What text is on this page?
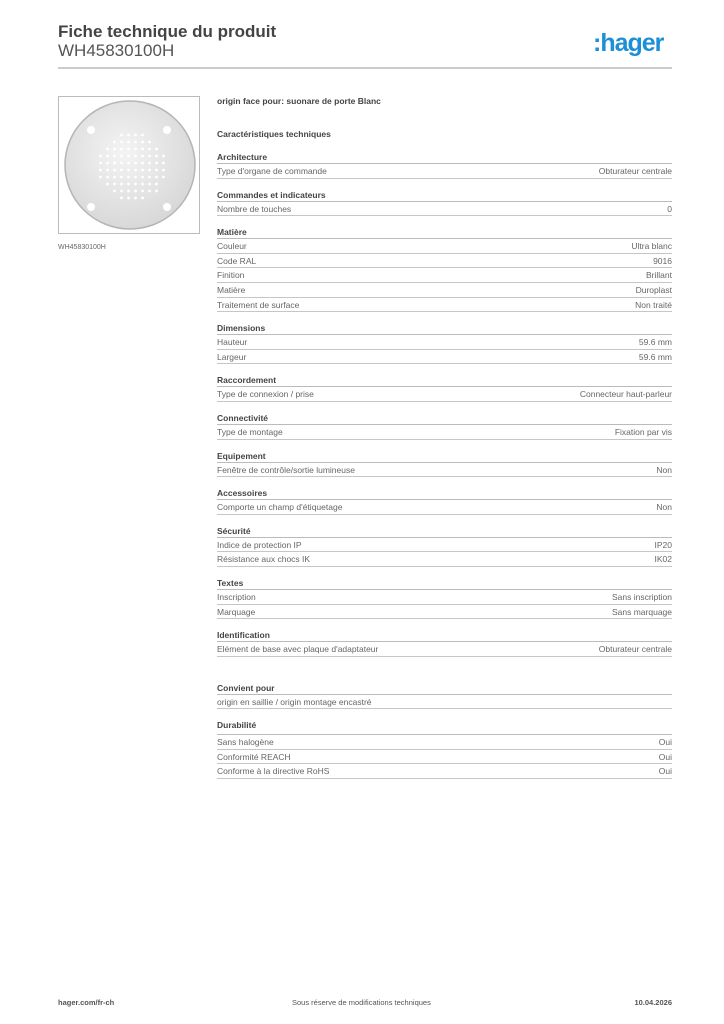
Fiche technique du produit
WH45830100H	:hager
WH45830100H
origin face pour: suonare de porte Blanc
Caractéristiques techniques
Architecture
Type d'organe de commande	Obturateur centrale
Commandes et indicateurs
Nombre de touches	0
Matière
Couleur	Ultra blanc
Code RAL	9016
Finition	Brillant
Matière	Duroplast
Traitement de surface	Non traité
Dimensions
Hauteur	59.6 mm
Largeur	59.6 mm
Raccordement
Type de connexion / prise	Connecteur haut-parleur
Connectivité
Type de montage	Fixation par vis
Equipement
Fenêtre de contrôle/sortie lumineuse	Non
Accessoires
Comporte un champ d'étiquetage	Non
Sécurité
Indice de protection IP	IP20
Résistance aux chocs IK	IK02
Textes
Inscription	Sans inscription
Marquage	Sans marquage
Identification
Elément de base avec plaque d'adaptateur	Obturateur centrale
Convient pour
origin en saillie / origin montage encastré
Durabilité
Sans halogène	Oui
Conformité REACH	Oui
Conforme à la directive RoHS	Oui
hager.com/fr-ch	Sous réserve de modifications techniques	10.04.2026
